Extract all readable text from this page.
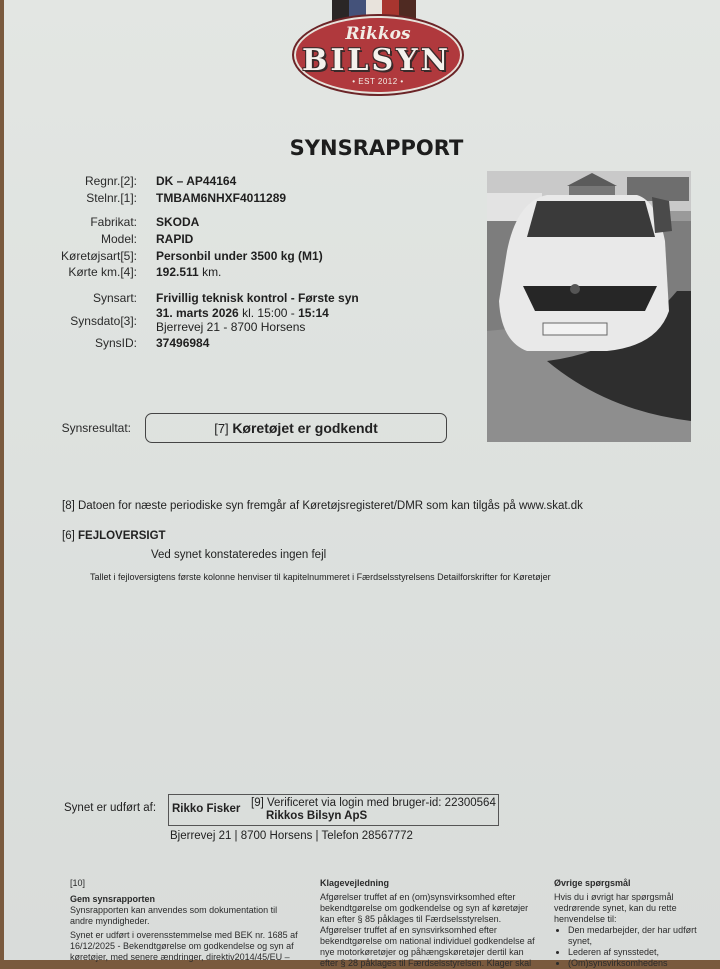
Rikkos
• EST 2012 •
BILSYN
SYNSRAPPORT
Regnr.[2]: DK – AP44164
Stelnr.[1]: TMBAM6NHXF4011289
Fabrikat: SKODA
Model: RAPID
Køretøjsart[5]: Personbil under 3500 kg (M1)
Kørte km.[4]: 192.511 km.
Synsart: Frivillig teknisk kontrol - Første syn
Synsdato[3]:
31. marts 2026 kl. 15:00 - 15:14
Bjerrevej 21 - 8700 Horsens
SynsID: 37496984
Synsresultat:	[7] Køretøjet er godkendt
[8] Datoen for næste periodiske syn fremgår af Køretøjsregisteret/DMR som kan tilgås på www.skat.dk
[6] FEJLOVERSIGT
Ved synet konstateredes ingen fejl
Tallet i fejloversigtens første kolonne henviser til kapitelnummeret i Færdselsstyrelsens Detailforskrifter for Køretøjer
Synet er udført af: Rikko Fisker [9] Verificeret via login med bruger-id: 22300564
Rikkos Bilsyn ApS
Bjerrevej 21 | 8700 Horsens | Telefon 28567772
[10]
Gem synsrapporten
Synsrapporten kan anvendes som dokumentation til andre myndigheder.
Synet er udført i overensstemmelse med BEK nr. 1685 af 16/12/2025 - Bekendtgørelse om godkendelse og syn af køretøjer, med senere ændringer, direktiv2014/45/EU –
Klagevejledning
Afgørelser truffet af en (om)synsvirksomhed efter bekendtgørelse om godkendelse og syn af køretøjer kan efter § 85 påklages til Færdselsstyrelsen.
Afgørelser truffet af en synsvirksomhed efter bekendtgørelse om national individuel godkendelse af nye motorkøretøjer og påhængskøretøjer dertil kan efter § 28 påklages til Færdselsstyrelsen. Klager skal
Øvrige spørgsmål
Hvis du i øvrigt har spørgsmål vedrørende synet, kan du rette henvendelse til:
• Den medarbejder, der har udført synet,
• Lederen af synsstedet,
• (Om)synsvirksomhedens
